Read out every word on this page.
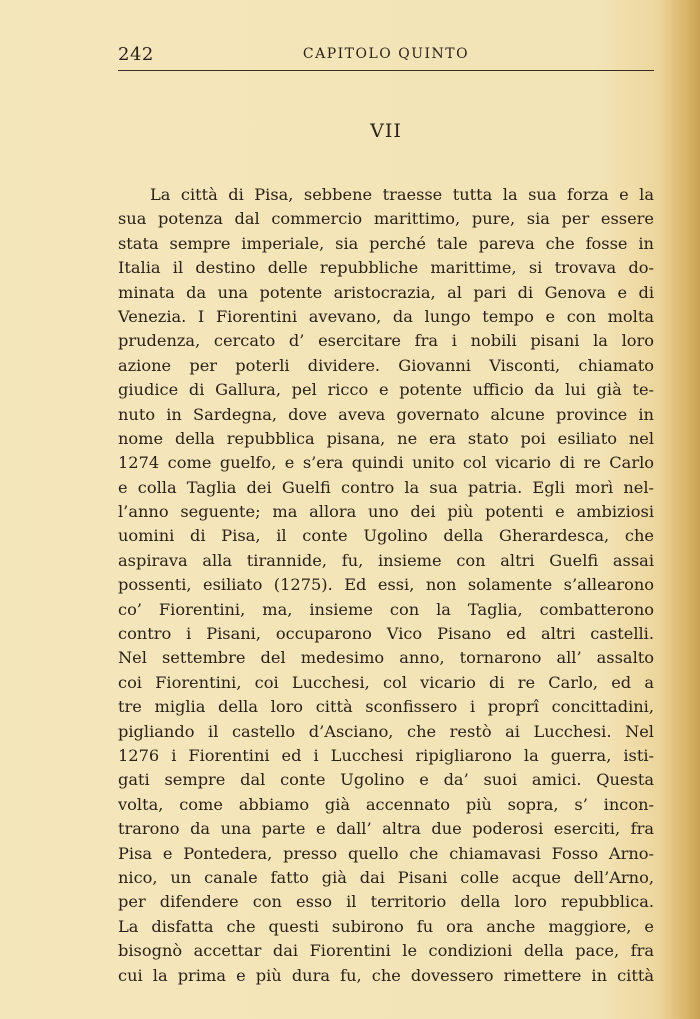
242	CAPITOLO QUINTO
VII
La città di Pisa, sebbene traesse tutta la sua forza e la
sua potenza dal commercio marittimo, pure, sia per essere
stata sempre imperiale, sia perché tale pareva che fosse in
Italia il destino delle repubbliche marittime, si trovava do-
minata da una potente aristocrazia, al pari di Genova e di
Venezia. I Fiorentini avevano, da lungo tempo e con molta
prudenza, cercato d’ esercitare fra i nobili pisani la loro
azione per poterli dividere. Giovanni Visconti, chiamato
giudice di Gallura, pel ricco e potente ufficio da lui già te-
nuto in Sardegna, dove aveva governato alcune province in
nome della repubblica pisana, ne era stato poi esiliato nel
1274 come guelfo, e s’era quindi unito col vicario di re Carlo
e colla Taglia dei Guelfi contro la sua patria. Egli morì nel-
l’anno seguente; ma allora uno dei più potenti e ambiziosi
uomini di Pisa, il conte Ugolino della Gherardesca, che
aspirava alla tirannide, fu, insieme con altri Guelfi assai
possenti, esiliato (1275). Ed essi, non solamente s’allearono
co’ Fiorentini, ma, insieme con la Taglia, combatterono
contro i Pisani, occuparono Vico Pisano ed altri castelli.
Nel settembre del medesimo anno, tornarono all’ assalto
coi Fiorentini, coi Lucchesi, col vicario di re Carlo, ed a
tre miglia della loro città sconfissero i proprî concittadini,
pigliando il castello d’Asciano, che restò ai Lucchesi. Nel
1276 i Fiorentini ed i Lucchesi ripigliarono la guerra, isti-
gati sempre dal conte Ugolino e da’ suoi amici. Questa
volta, come abbiamo già accennato più sopra, s’ incon-
trarono da una parte e dall’ altra due poderosi eserciti, fra
Pisa e Pontedera, presso quello che chiamavasi Fosso Arno-
nico, un canale fatto già dai Pisani colle acque dell’Arno,
per difendere con esso il territorio della loro repubblica.
La disfatta che questi subirono fu ora anche maggiore, e
bisognò accettar dai Fiorentini le condizioni della pace, fra
cui la prima e più dura fu, che dovessero rimettere in città
